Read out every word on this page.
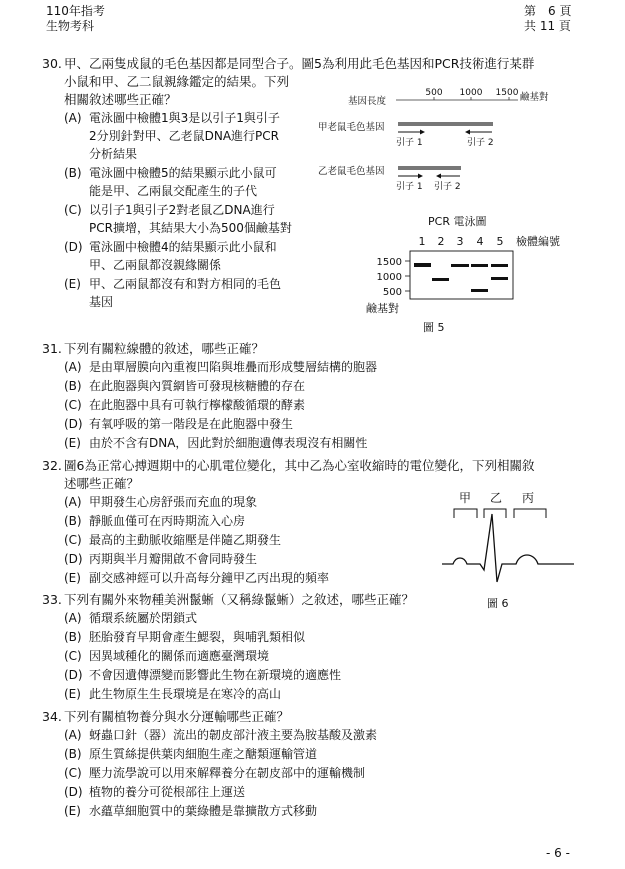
110年指考
生物考科
第　6 頁
共 11 頁
30. 甲、乙兩隻成鼠的毛色基因都是同型合子。圖5為利用此毛色基因和PCR技術進行某群
小鼠和甲、乙二鼠親緣鑑定的結果。下列
相關敘述哪些正確？
(A) 電泳圖中檢體1與3是以引子1與引子
2分別針對甲、乙老鼠DNA進行PCR
分析結果
(B) 電泳圖中檢體5的結果顯示此小鼠可
能是甲、乙兩鼠交配產生的子代
(C) 以引子1與引子2對老鼠乙DNA進行
PCR擴增，其結果大小為500個鹼基對
(D) 電泳圖中檢體4的結果顯示此小鼠和
甲、乙兩鼠都沒親緣關係
(E) 甲、乙兩鼠都沒有和對方相同的毛色
基因
基因長度
500 1000 1500 鹼基對
甲老鼠毛色基因
引子 1	引子 2
乙老鼠毛色基因
引子 1 引子 2
PCR 電泳圖
1 2 3 4 5 檢體編號
1500
1000
500
鹼基對
圖 5
31. 下列有關粒線體的敘述，哪些正確？
(A) 是由單層膜向內重複凹陷與堆疊而形成雙層結構的胞器
(B) 在此胞器與內質網皆可發現核糖體的存在
(C) 在此胞器中具有可執行檸檬酸循環的酵素
(D) 有氧呼吸的第一階段是在此胞器中發生
(E) 由於不含有DNA，因此對於細胞遺傳表現沒有相關性
32. 圖6為正常心搏週期中的心肌電位變化，其中乙為心室收縮時的電位變化，下列相關敘
述哪些正確？
(A) 甲期發生心房舒張而充血的現象
(B) 靜脈血僅可在丙時期流入心房
(C) 最高的主動脈收縮壓是伴隨乙期發生
(D) 丙期與半月瓣開啟不會同時發生
(E) 副交感神經可以升高每分鐘甲乙丙出現的頻率
甲 乙 丙
圖 6
33. 下列有關外來物種美洲鬣蜥（又稱綠鬣蜥）之敘述，哪些正確？
(A) 循環系統屬於閉鎖式
(B) 胚胎發育早期會產生鰓裂，與哺乳類相似
(C) 因異域種化的關係而適應臺灣環境
(D) 不會因遺傳漂變而影響此生物在新環境的適應性
(E) 此生物原生生長環境是在寒冷的高山
34. 下列有關植物養分與水分運輸哪些正確？
(A) 蚜蟲口針（器）流出的韌皮部汁液主要為胺基酸及激素
(B) 原生質絲提供葉肉細胞生產之醣類運輸管道
(C) 壓力流學說可以用來解釋養分在韌皮部中的運輸機制
(D) 植物的養分可從根部往上運送
(E) 水蘊草細胞質中的葉綠體是靠擴散方式移動
- 6 -
